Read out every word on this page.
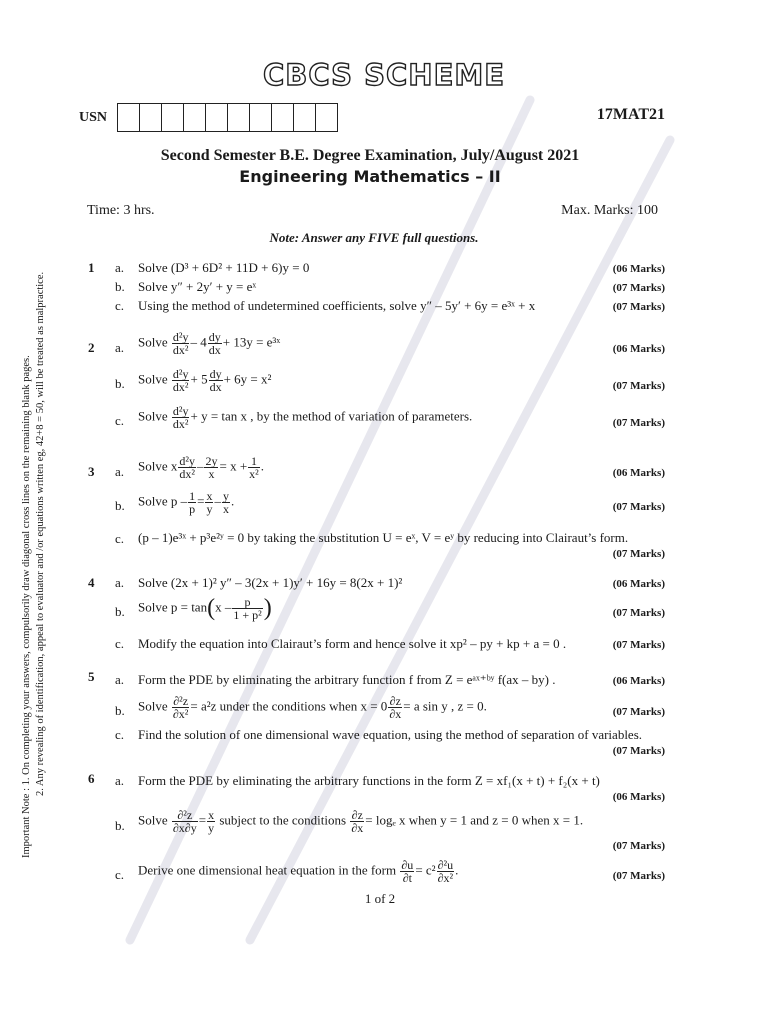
CBCS SCHEME
USN	17MAT21
Second Semester B.E. Degree Examination, July/August 2021
Engineering Mathematics – II
Time: 3 hrs.	Max. Marks: 100
Note: Answer any FIVE full questions.
Important Note : 1. On completing your answers, compulsorily draw diagonal cross lines on the remaining blank pages. 2. Any revealing of identification, appeal to evaluator and /or equations written eg, 42+8 = 50, will be treated as malpractice.
1 a. Solve (D³ + 6D² + 11D + 6)y = 0	(06 Marks)
b. Solve y″ + 2y′ + y = eˣ	(07 Marks)
c. Using the method of undetermined coefficients, solve y″ – 5y′ + 6y = e³ˣ + x	(07 Marks)
2 a. Solve $\frac{\text{d²y}}{\text{dx²}} - 4 \frac{dy}{dx} + 13y$ = e³ˣ	(06 Marks)
b. Solve $\frac{\text{d²y}}{\text{dx²}} + 5 \frac{dy}{dx} + 6y = x^2$	(07 Marks)
c. Solve $\frac{\text{d²y}}{\text{dx²}} + y = \tan x$ , by the method of variation of parameters.	(07 Marks)
3 a. Solve x $\frac{\text{d²y}}{\text{dx²}} - \frac{2y}{x} = x + \frac{1}{\text{x²}}$ .	(06 Marks)
b. Solve $p - \frac{1}{p} = \frac{x}{y} - \frac{y}{x}$ .	(07 Marks)
c. (p – 1)e³ˣ + p³e²ʸ = 0 by taking the substitution U = eˣ, V = eʸ by reducing into Clairaut’s form.
(07 Marks)
4 a. Solve (2x + 1)² y″ – 3(2x + 1)y′ + 16y = 8(2x + 1)²	(06 Marks)
b. Solve $p = \tan(x - \frac{p}{\text{1 + p²}}$ )	(07 Marks)
c. Modify the equation into Clairaut’s form and hence solve it xp² – py + kp + a = 0 .	(07 Marks)
5 a. Form the PDE by eliminating the arbitrary function f from Z = eᵃˣ⁺ᵇʸ f(ax – by) .	(06 Marks)
b. Solve $\frac{\text{∂²z}}{\text{∂x²}} = a^2z$ under the conditions when $x = 0 \frac{\partial z}{\partial x} = a$ sin y , z = 0.	(07 Marks)
c. Find the solution of one dimensional wave equation, using the method of separation of variables.
(07 Marks)
6 a. Form the PDE by eliminating the arbitrary functions in the form Z = xf₁(x + t) + f₂(x + t)
(06 Marks)
b. Solve $\frac{\text{∂²z}}{\partial x\partial y} = \frac{x}{y}$ subject to the conditions $\frac{\partial z}{\partial x} = \log_e$ x when y = 1 and z = 0 when x = 1.
(07 Marks)
c. Derive one dimensional heat equation in the form $\frac{\partial u}{\partial t} = c^2 \frac{\text{∂²u}}{\text{∂x²}}$ .	(07 Marks)
1 of 2
